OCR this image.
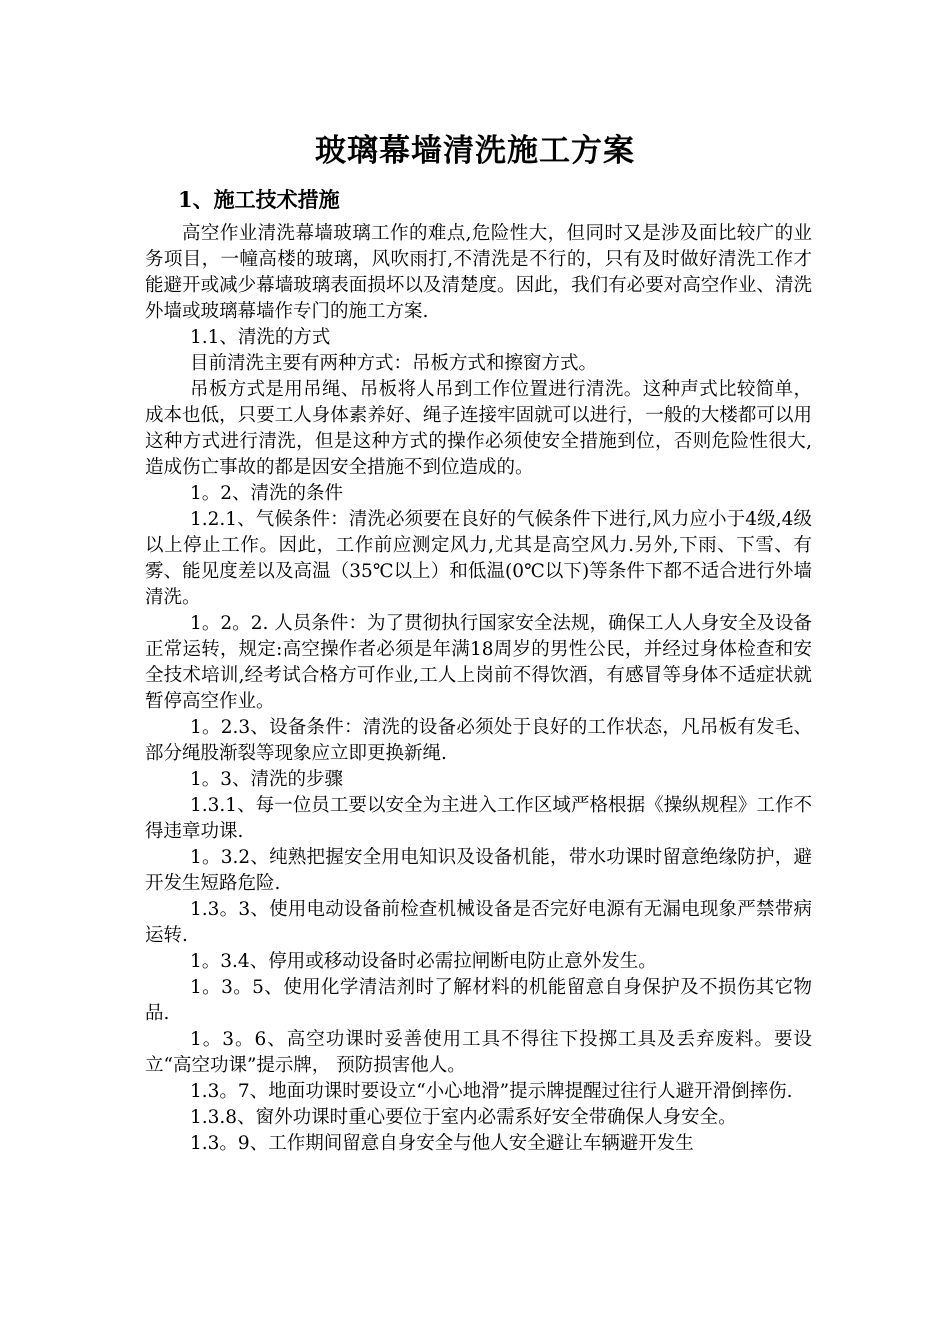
玻璃幕墙清洗施工方案
1、施工技术措施

高空作业清洗幕墙玻璃工作的难点,危险性大，但同时又是涉及面比较广的业务项目，一幢高楼的玻璃，风吹雨打,不清洗是不行的，只有及时做好清洗工作才能避开或减少幕墙玻璃表面损坏以及清楚度。因此，我们有必要对高空作业、清洗外墙或玻璃幕墙作专门的施工方案.

1.1、清洗的方式

目前清洗主要有两种方式：吊板方式和擦窗方式。

吊板方式是用吊绳、吊板将人吊到工作位置进行清洗。这种声式比较简单，成本也低，只要工人身体素养好、绳子连接牢固就可以进行，一般的大楼都可以用这种方式进行清洗，但是这种方式的操作必须使安全措施到位，否则危险性很大,造成伤亡事故的都是因安全措施不到位造成的。

1。2、清洗的条件

1.2.1、气候条件：清洗必须要在良好的气候条件下进行,风力应小于4级,4级以上停止工作。因此，工作前应测定风力,尤其是高空风力.另外,下雨、下雪、有雾、能见度差以及高温（35℃以上）和低温(0℃以下)等条件下都不适合进行外墙清洗。

1。2。2. 人员条件：为了贯彻执行国家安全法规，确保工人人身安全及设备正常运转，规定:高空操作者必须是年满18周岁的男性公民，并经过身体检查和安全技术培训,经考试合格方可作业,工人上岗前不得饮酒，有感冒等身体不适症状就暂停高空作业。

1。2.3、设备条件：清洗的设备必须处于良好的工作状态，凡吊板有发毛、部分绳股渐裂等现象应立即更换新绳.

1。3、清洗的步骤

1.3.1、每一位员工要以安全为主进入工作区域严格根据《操纵规程》工作不得违章功课.

1。3.2、纯熟把握安全用电知识及设备机能，带水功课时留意绝缘防护，避开发生短路危险.

1.3。3、使用电动设备前检查机械设备是否完好电源有无漏电现象严禁带病运转.

1。3.4、停用或移动设备时必需拉闸断电防止意外发生。

1。3。5、使用化学清洁剂时了解材料的机能留意自身保护及不损伤其它物品.

1。3。6、高空功课时妥善使用工具不得往下投掷工具及丢弃废料。要设立“高空功课”提示牌， 预防损害他人。

1.3。7、地面功课时要设立“小心地滑”提示牌提醒过往行人避开滑倒摔伤.

1.3.8、窗外功课时重心要位于室内必需系好安全带确保人身安全。

1.3。9、工作期间留意自身安全与他人安全避让车辆避开发生
